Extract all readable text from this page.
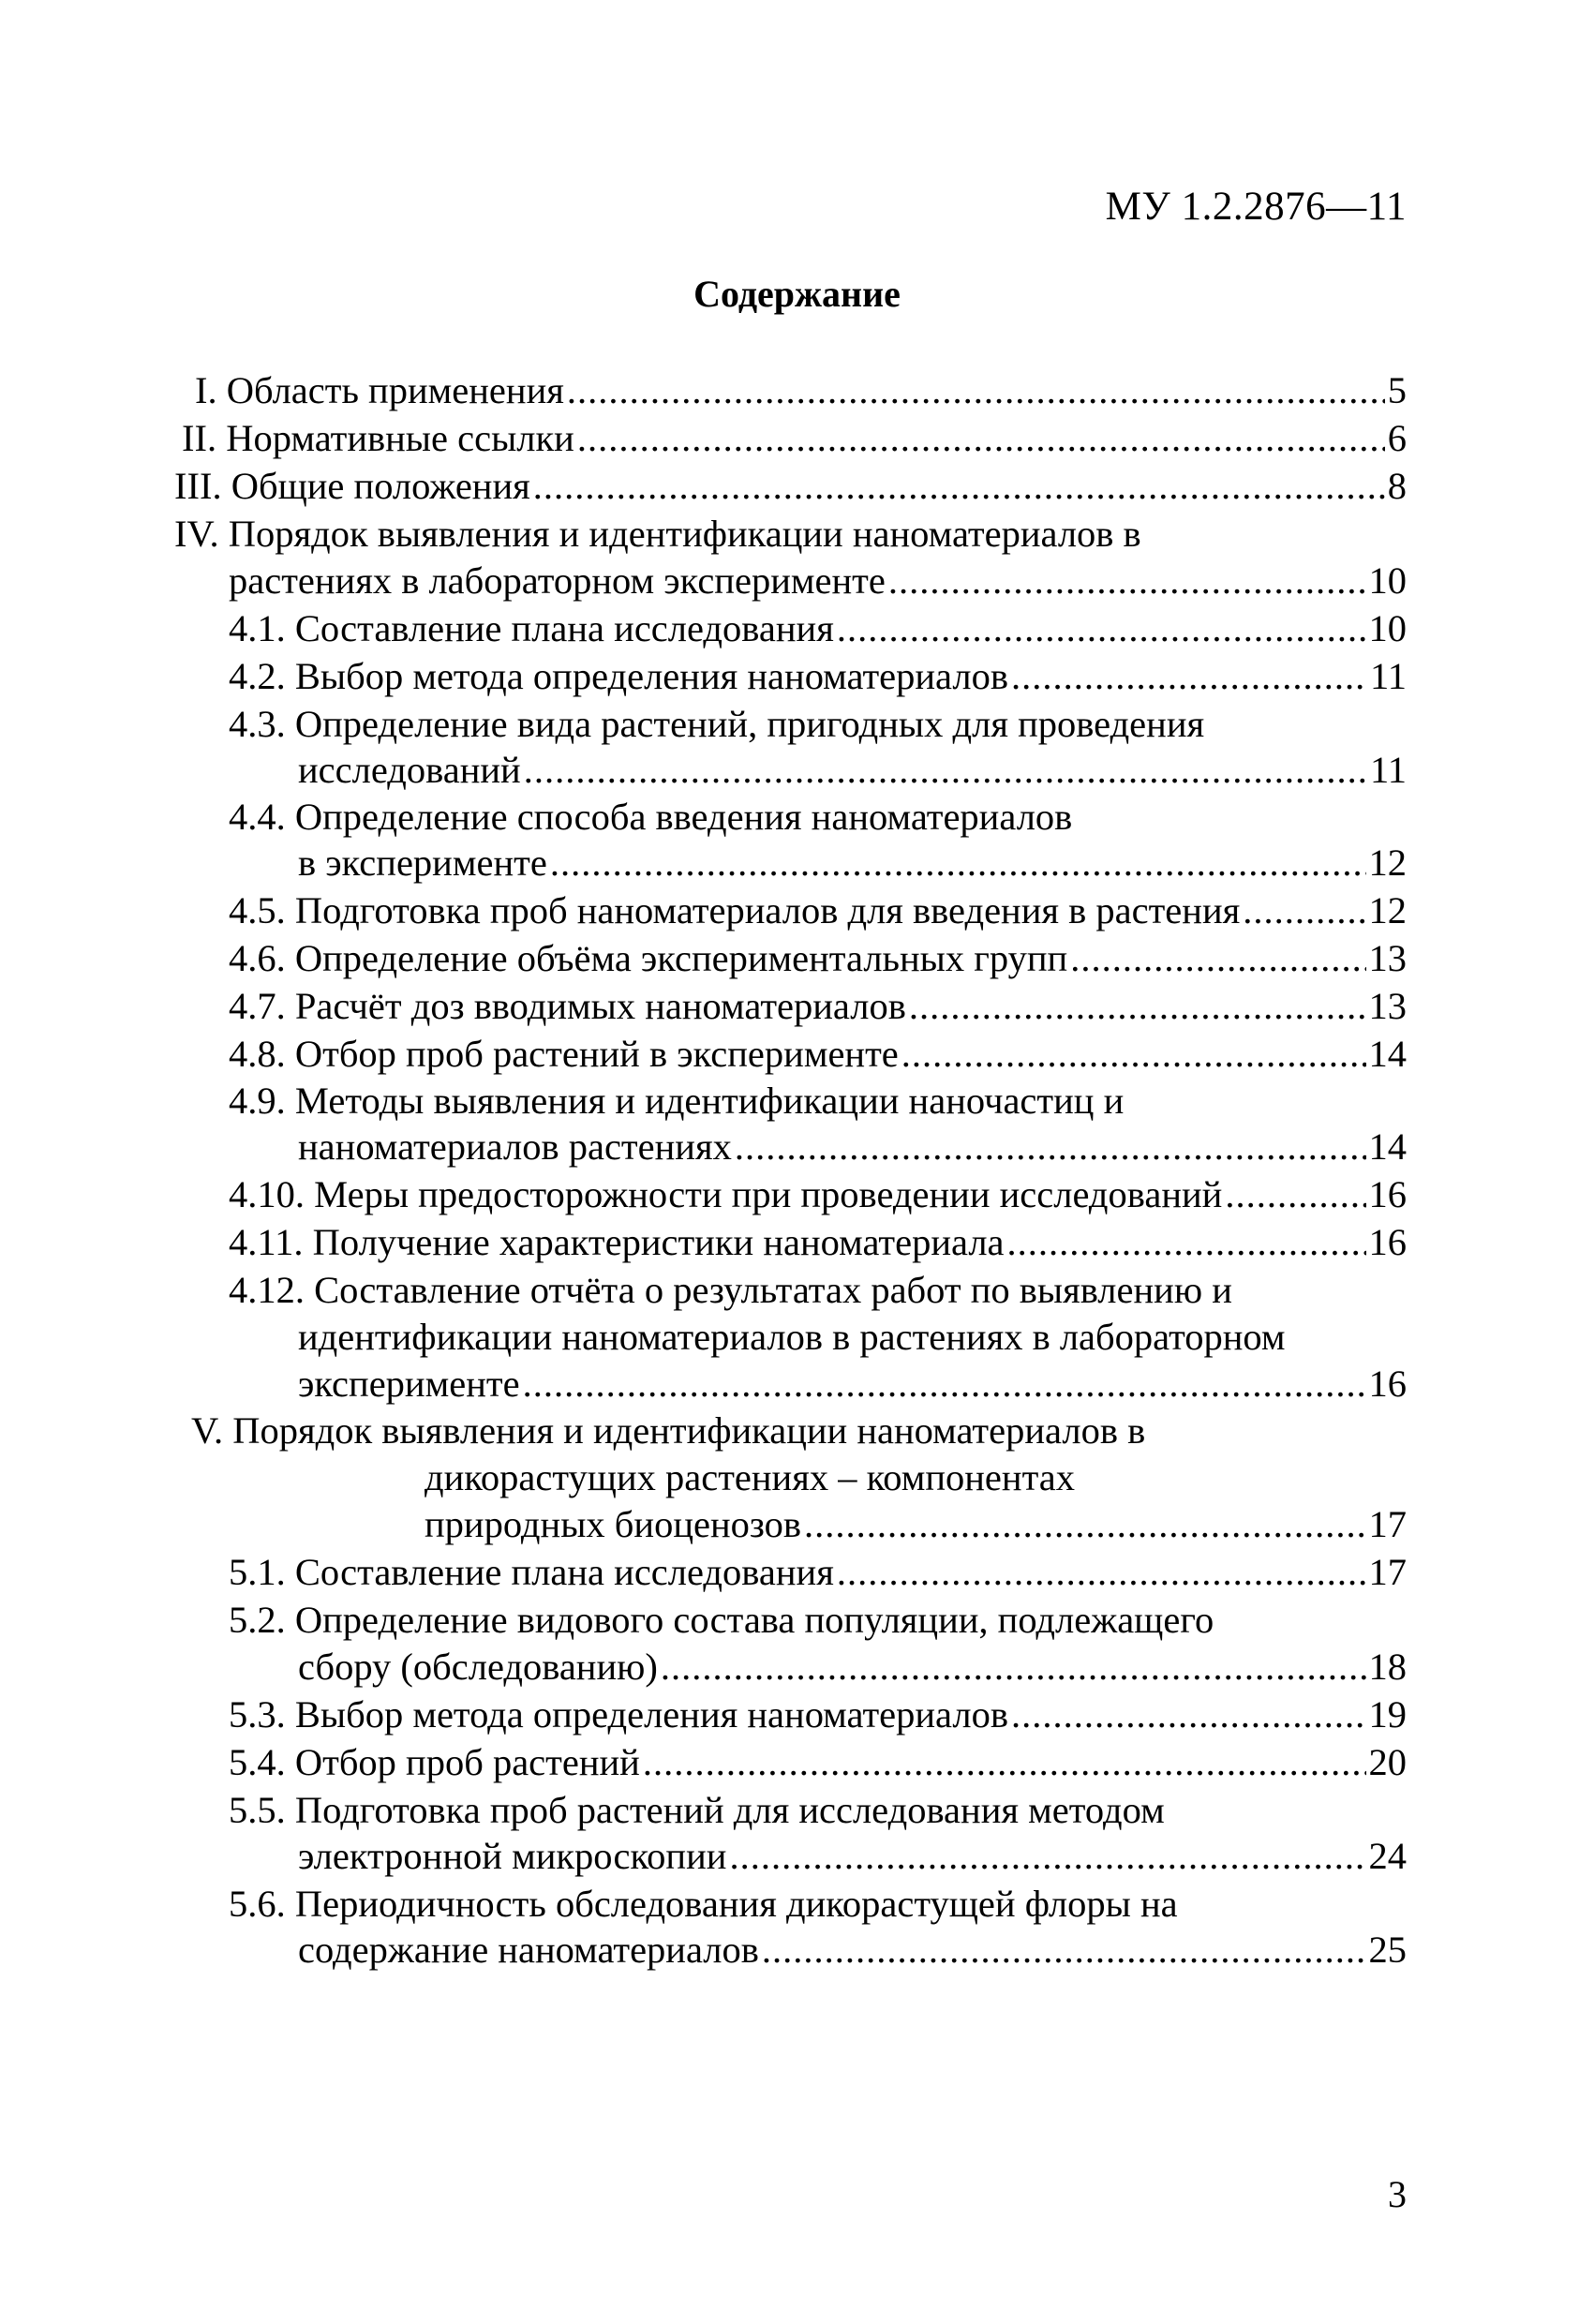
МУ 1.2.2876—11
Содержание
I. Область применения .....	5
II. Нормативные ссылки .....	6
III. Общие положения .....	8
IV. Порядок выявления и идентификации наноматериалов в
растениях в лабораторном эксперименте .....	10
4.1. Составление плана исследования .....	10
4.2. Выбор метода определения наноматериалов .....	11
4.3. Определение вида растений, пригодных для проведения
исследований .....	11
4.4. Определение способа введения наноматериалов
в эксперименте .....	12
4.5. Подготовка проб наноматериалов для введения в растения .....	12
4.6. Определение объёма экспериментальных групп .....	13
4.7. Расчёт доз вводимых наноматериалов .....	13
4.8. Отбор проб растений в эксперименте .....	14
4.9. Методы выявления и идентификации наночастиц и
наноматериалов растениях .....	14
4.10. Меры предосторожности при проведении исследований .....	16
4.11. Получение характеристики наноматериала .....	16
4.12. Составление отчёта о результатах работ по выявлению и
идентификации наноматериалов в растениях в лабораторном
эксперименте .....	16
V. Порядок выявления и идентификации наноматериалов в
дикорастущих растениях – компонентах
природных биоценозов .....	17
5.1. Составление плана исследования .....	17
5.2. Определение видового состава популяции, подлежащего
сбору (обследованию) .....	18
5.3. Выбор метода определения наноматериалов .....	19
5.4. Отбор проб растений .....	20
5.5. Подготовка проб растений для исследования методом
электронной микроскопии .....	24
5.6. Периодичность обследования дикорастущей флоры на
содержание наноматериалов .....	25
3
